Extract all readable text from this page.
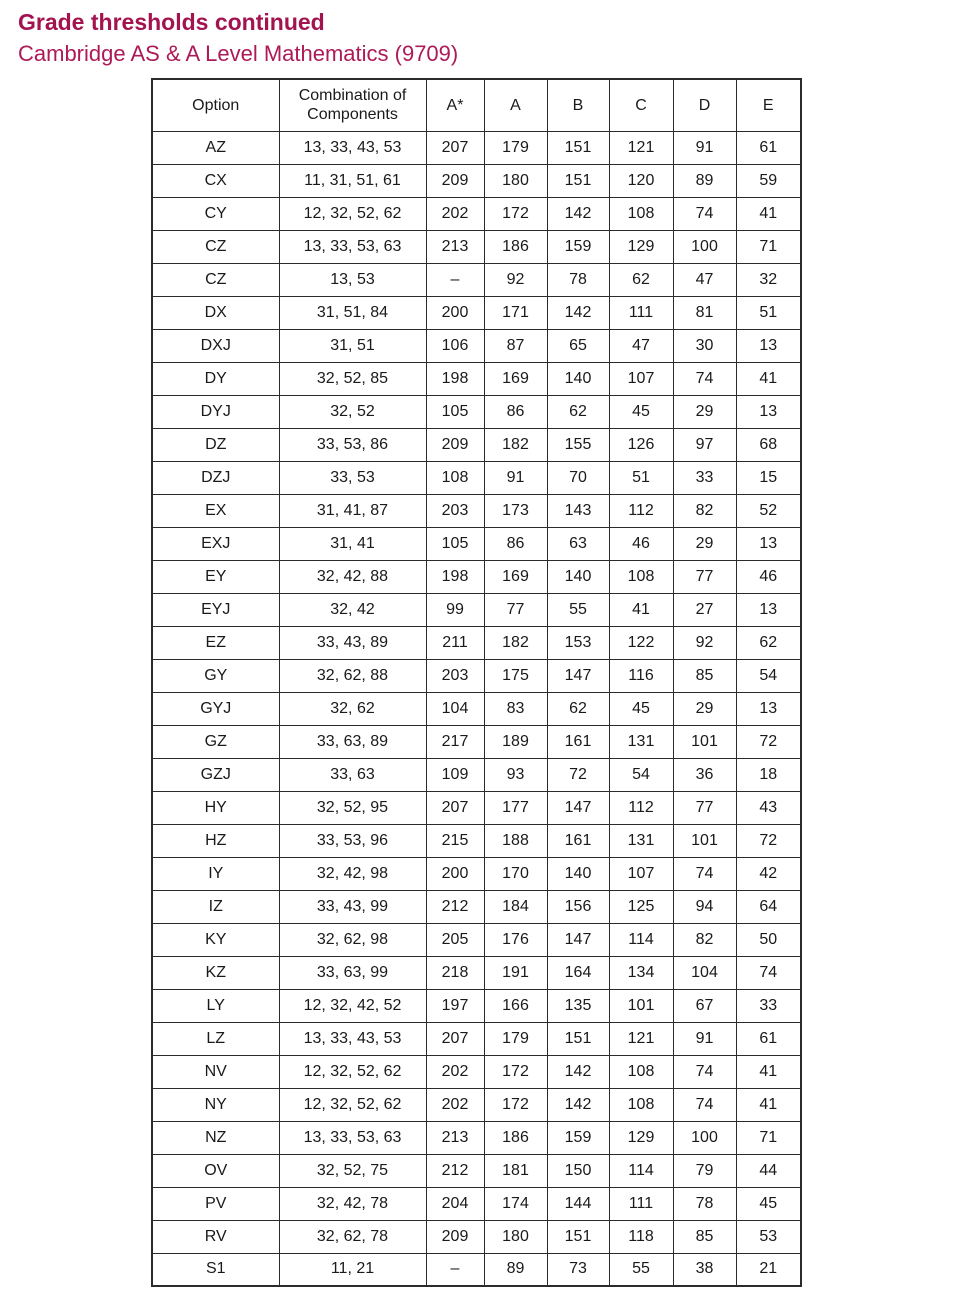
Grade thresholds continued
Cambridge AS & A Level Mathematics (9709)
Option	Combination of Components	A*	A	B	C	D	E
AZ	13, 33, 43, 53	207	179	151	121	91	61
CX	11, 31, 51, 61	209	180	151	120	89	59
CY	12, 32, 52, 62	202	172	142	108	74	41
CZ	13, 33, 53, 63	213	186	159	129	100	71
CZ	13, 53	–	92	78	62	47	32
DX	31, 51, 84	200	171	142	111	81	51
DXJ	31, 51	106	87	65	47	30	13
DY	32, 52, 85	198	169	140	107	74	41
DYJ	32, 52	105	86	62	45	29	13
DZ	33, 53, 86	209	182	155	126	97	68
DZJ	33, 53	108	91	70	51	33	15
EX	31, 41, 87	203	173	143	112	82	52
EXJ	31, 41	105	86	63	46	29	13
EY	32, 42, 88	198	169	140	108	77	46
EYJ	32, 42	99	77	55	41	27	13
EZ	33, 43, 89	211	182	153	122	92	62
GY	32, 62, 88	203	175	147	116	85	54
GYJ	32, 62	104	83	62	45	29	13
GZ	33, 63, 89	217	189	161	131	101	72
GZJ	33, 63	109	93	72	54	36	18
HY	32, 52, 95	207	177	147	112	77	43
HZ	33, 53, 96	215	188	161	131	101	72
IY	32, 42, 98	200	170	140	107	74	42
IZ	33, 43, 99	212	184	156	125	94	64
KY	32, 62, 98	205	176	147	114	82	50
KZ	33, 63, 99	218	191	164	134	104	74
LY	12, 32, 42, 52	197	166	135	101	67	33
LZ	13, 33, 43, 53	207	179	151	121	91	61
NV	12, 32, 52, 62	202	172	142	108	74	41
NY	12, 32, 52, 62	202	172	142	108	74	41
NZ	13, 33, 53, 63	213	186	159	129	100	71
OV	32, 52, 75	212	181	150	114	79	44
PV	32, 42, 78	204	174	144	111	78	45
RV	32, 62, 78	209	180	151	118	85	53
S1	11, 21	–	89	73	55	38	21
